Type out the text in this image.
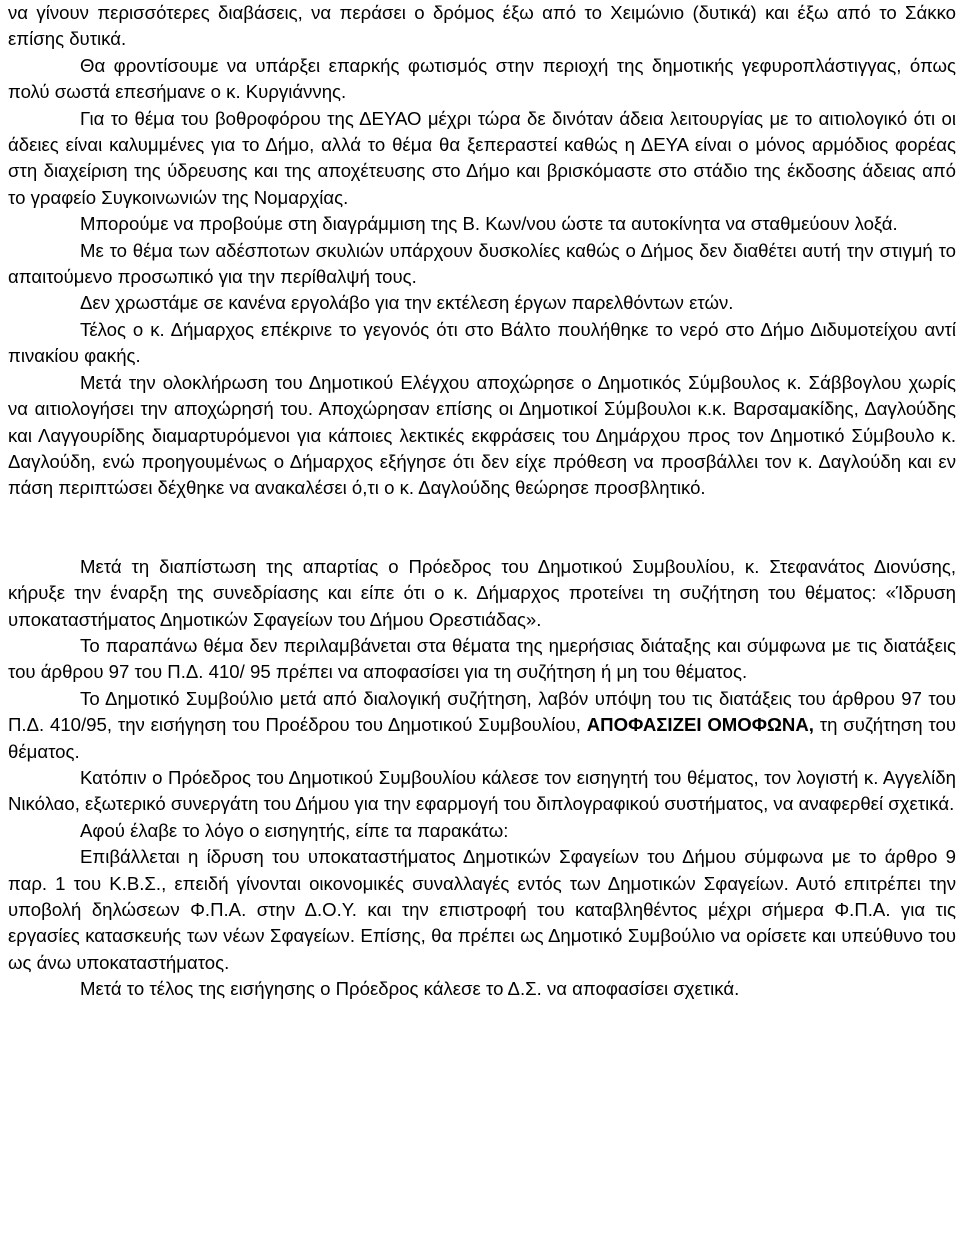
να γίνουν περισσότερες διαβάσεις, να περάσει ο δρόμος έξω από το Χειμώνιο (δυτικά) και έξω από το Σάκκο επίσης δυτικά.

Θα φροντίσουμε να υπάρξει επαρκής φωτισμός στην περιοχή της δημοτικής γεφυροπλάστιγγας, όπως πολύ σωστά επεσήμανε ο κ. Κυργιάννης.

Για το θέμα του βοθροφόρου της ΔΕΥΑΟ μέχρι τώρα δε δινόταν άδεια λειτουργίας με το αιτιολογικό ότι οι άδειες είναι καλυμμένες για το Δήμο, αλλά το θέμα θα ξεπεραστεί καθώς η ΔΕΥΑ είναι ο μόνος αρμόδιος φορέας στη διαχείριση της ύδρευσης και της αποχέτευσης στο Δήμο και βρισκόμαστε στο στάδιο της έκδοσης άδειας από το γραφείο Συγκοινωνιών της Νομαρχίας.

Μπορούμε να προβούμε στη διαγράμμιση της Β. Κων/νου ώστε τα αυτοκίνητα να σταθμεύουν λοξά.

Με το θέμα των αδέσποτων σκυλιών υπάρχουν δυσκολίες καθώς ο Δήμος δεν διαθέτει αυτή την στιγμή το απαιτούμενο προσωπικό για την περίθαλψή τους.

Δεν χρωστάμε σε κανένα εργολάβο για την εκτέλεση έργων παρελθόντων ετών.

Τέλος ο κ. Δήμαρχος επέκρινε το γεγονός ότι στο Βάλτο πουλήθηκε το νερό στο Δήμο Διδυμοτείχου αντί πινακίου φακής.

Μετά την ολοκλήρωση του Δημοτικού Ελέγχου αποχώρησε ο Δημοτικός Σύμβουλος κ. Σάββογλου χωρίς να αιτιολογήσει την αποχώρησή του. Αποχώρησαν επίσης οι Δημοτικοί Σύμβουλοι κ.κ. Βαρσαμακίδης, Δαγλούδης και Λαγγουρίδης διαμαρτυρόμενοι για κάποιες λεκτικές εκφράσεις του Δημάρχου προς τον Δημοτικό Σύμβουλο κ. Δαγλούδη, ενώ προηγουμένως ο Δήμαρχος εξήγησε ότι δεν είχε πρόθεση να προσβάλλει τον κ. Δαγλούδη και εν πάση περιπτώσει δέχθηκε να ανακαλέσει ό,τι ο κ. Δαγλούδης θεώρησε προσβλητικό.

Μετά τη διαπίστωση της απαρτίας ο Πρόεδρος του Δημοτικού Συμβουλίου, κ. Στεφανάτος Διονύσης, κήρυξε την έναρξη της συνεδρίασης και είπε ότι ο κ. Δήμαρχος προτείνει τη συζήτηση του θέματος: «Ίδρυση υποκαταστήματος Δημοτικών Σφαγείων του Δήμου Ορεστιάδας».

Το παραπάνω θέμα δεν περιλαμβάνεται στα θέματα της ημερήσιας διάταξης και σύμφωνα με τις διατάξεις του άρθρου 97 του Π.Δ. 410/ 95 πρέπει να αποφασίσει για τη συζήτηση ή μη του θέματος.

Το Δημοτικό Συμβούλιο μετά από διαλογική συζήτηση, λαβόν υπόψη του τις διατάξεις του άρθρου 97 του Π.Δ. 410/95, την εισήγηση του Προέδρου του Δημοτικού Συμβουλίου, ΑΠΟΦΑΣΙΖΕΙ ΟΜΟΦΩΝΑ, τη συζήτηση του θέματος.

Κατόπιν ο Πρόεδρος του Δημοτικού Συμβουλίου κάλεσε τον εισηγητή του θέματος, τον λογιστή κ. Αγγελίδη Νικόλαο, εξωτερικό συνεργάτη του Δήμου για την εφαρμογή του διπλογραφικού συστήματος, να αναφερθεί σχετικά.

Αφού έλαβε το λόγο ο εισηγητής, είπε τα παρακάτω:

Επιβάλλεται η ίδρυση του υποκαταστήματος Δημοτικών Σφαγείων του Δήμου σύμφωνα με το άρθρο 9 παρ. 1 του Κ.Β.Σ., επειδή γίνονται οικονομικές συναλλαγές εντός των Δημοτικών Σφαγείων. Αυτό επιτρέπει την υποβολή δηλώσεων Φ.Π.Α. στην Δ.Ο.Υ. και την επιστροφή του καταβληθέντος μέχρι σήμερα Φ.Π.Α. για τις εργασίες κατασκευής των νέων Σφαγείων. Επίσης, θα πρέπει ως Δημοτικό Συμβούλιο να ορίσετε και υπεύθυνο του ως άνω υποκαταστήματος.

Μετά το τέλος της εισήγησης ο Πρόεδρος κάλεσε το Δ.Σ. να αποφασίσει σχετικά.
